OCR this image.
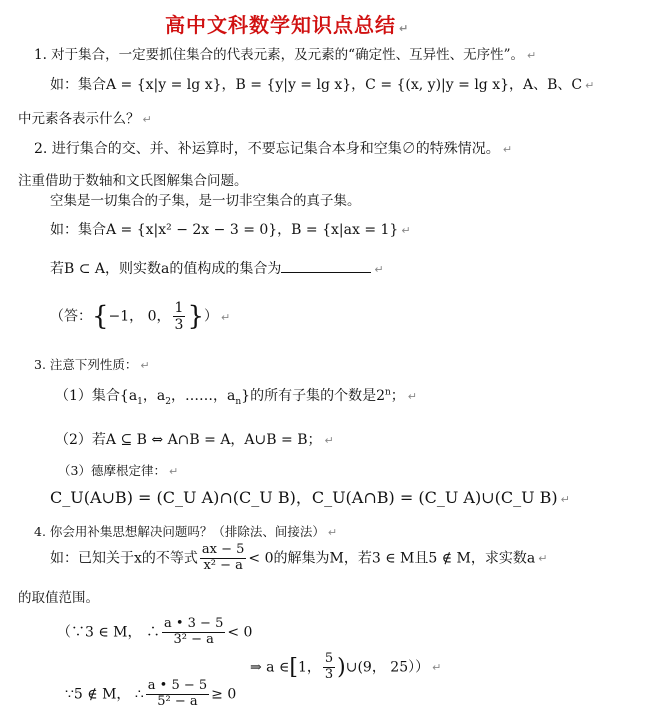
高中文科数学知识点总结 ↵
1. 对于集合，一定要抓住集合的代表元素，及元素的“确定性、互异性、无序性”。 ↵
如：集合A = {x|y = lg x}，B = {y|y = lg x}，C = {(x, y)|y = lg x}，A、B、C ↵
中元素各表示什么？ ↵
2. 进行集合的交、并、补运算时，不要忘记集合本身和空集∅的特殊情况。 ↵
注重借助于数轴和文氏图解集合问题。
空集是一切集合的子集，是一切非空集合的真子集。
如：集合A = {x|x² − 2x − 3 = 0}，B = {x|ax = 1} ↵
若B ⊂ A，则实数a的值构成的集合为	↵
（答：{−1， 0， $\frac{1}{3}$ }） ↵
3. 注意下列性质： ↵
（1）集合{$a_1$，$a_2$，……，$a_n$}的所有子集的个数是2$^n$； ↵
（2）若A ⊆ B ⇔ A∩B = A，A∪B = B； ↵
（3）德摩根定律： ↵
C_U(A∪B) = (C_U A)∩(C_U B)，C_U(A∩B) = (C_U A)∪(C_U B) ↵
4. 你会用补集思想解决问题吗？（排除法、间接法） ↵
如：已知关于x的不等式 $\frac{ax - 5}{\text{x² − a}} < 0$的解集为M，若3 ∈ M且5 ∉ M，求实数a ↵
的取值范围。
（∵3 ∈ M， ∴ $\frac{a • 3 - 5}{\text{3² − a}} < 0$
⇒ a ∈[1， $\frac{5}{3}$ )∪(9， 25）） ↵
∵5 ∉ M， ∴ $\frac{a • 5 - 5}{\text{5² − a}} \ge 0$
